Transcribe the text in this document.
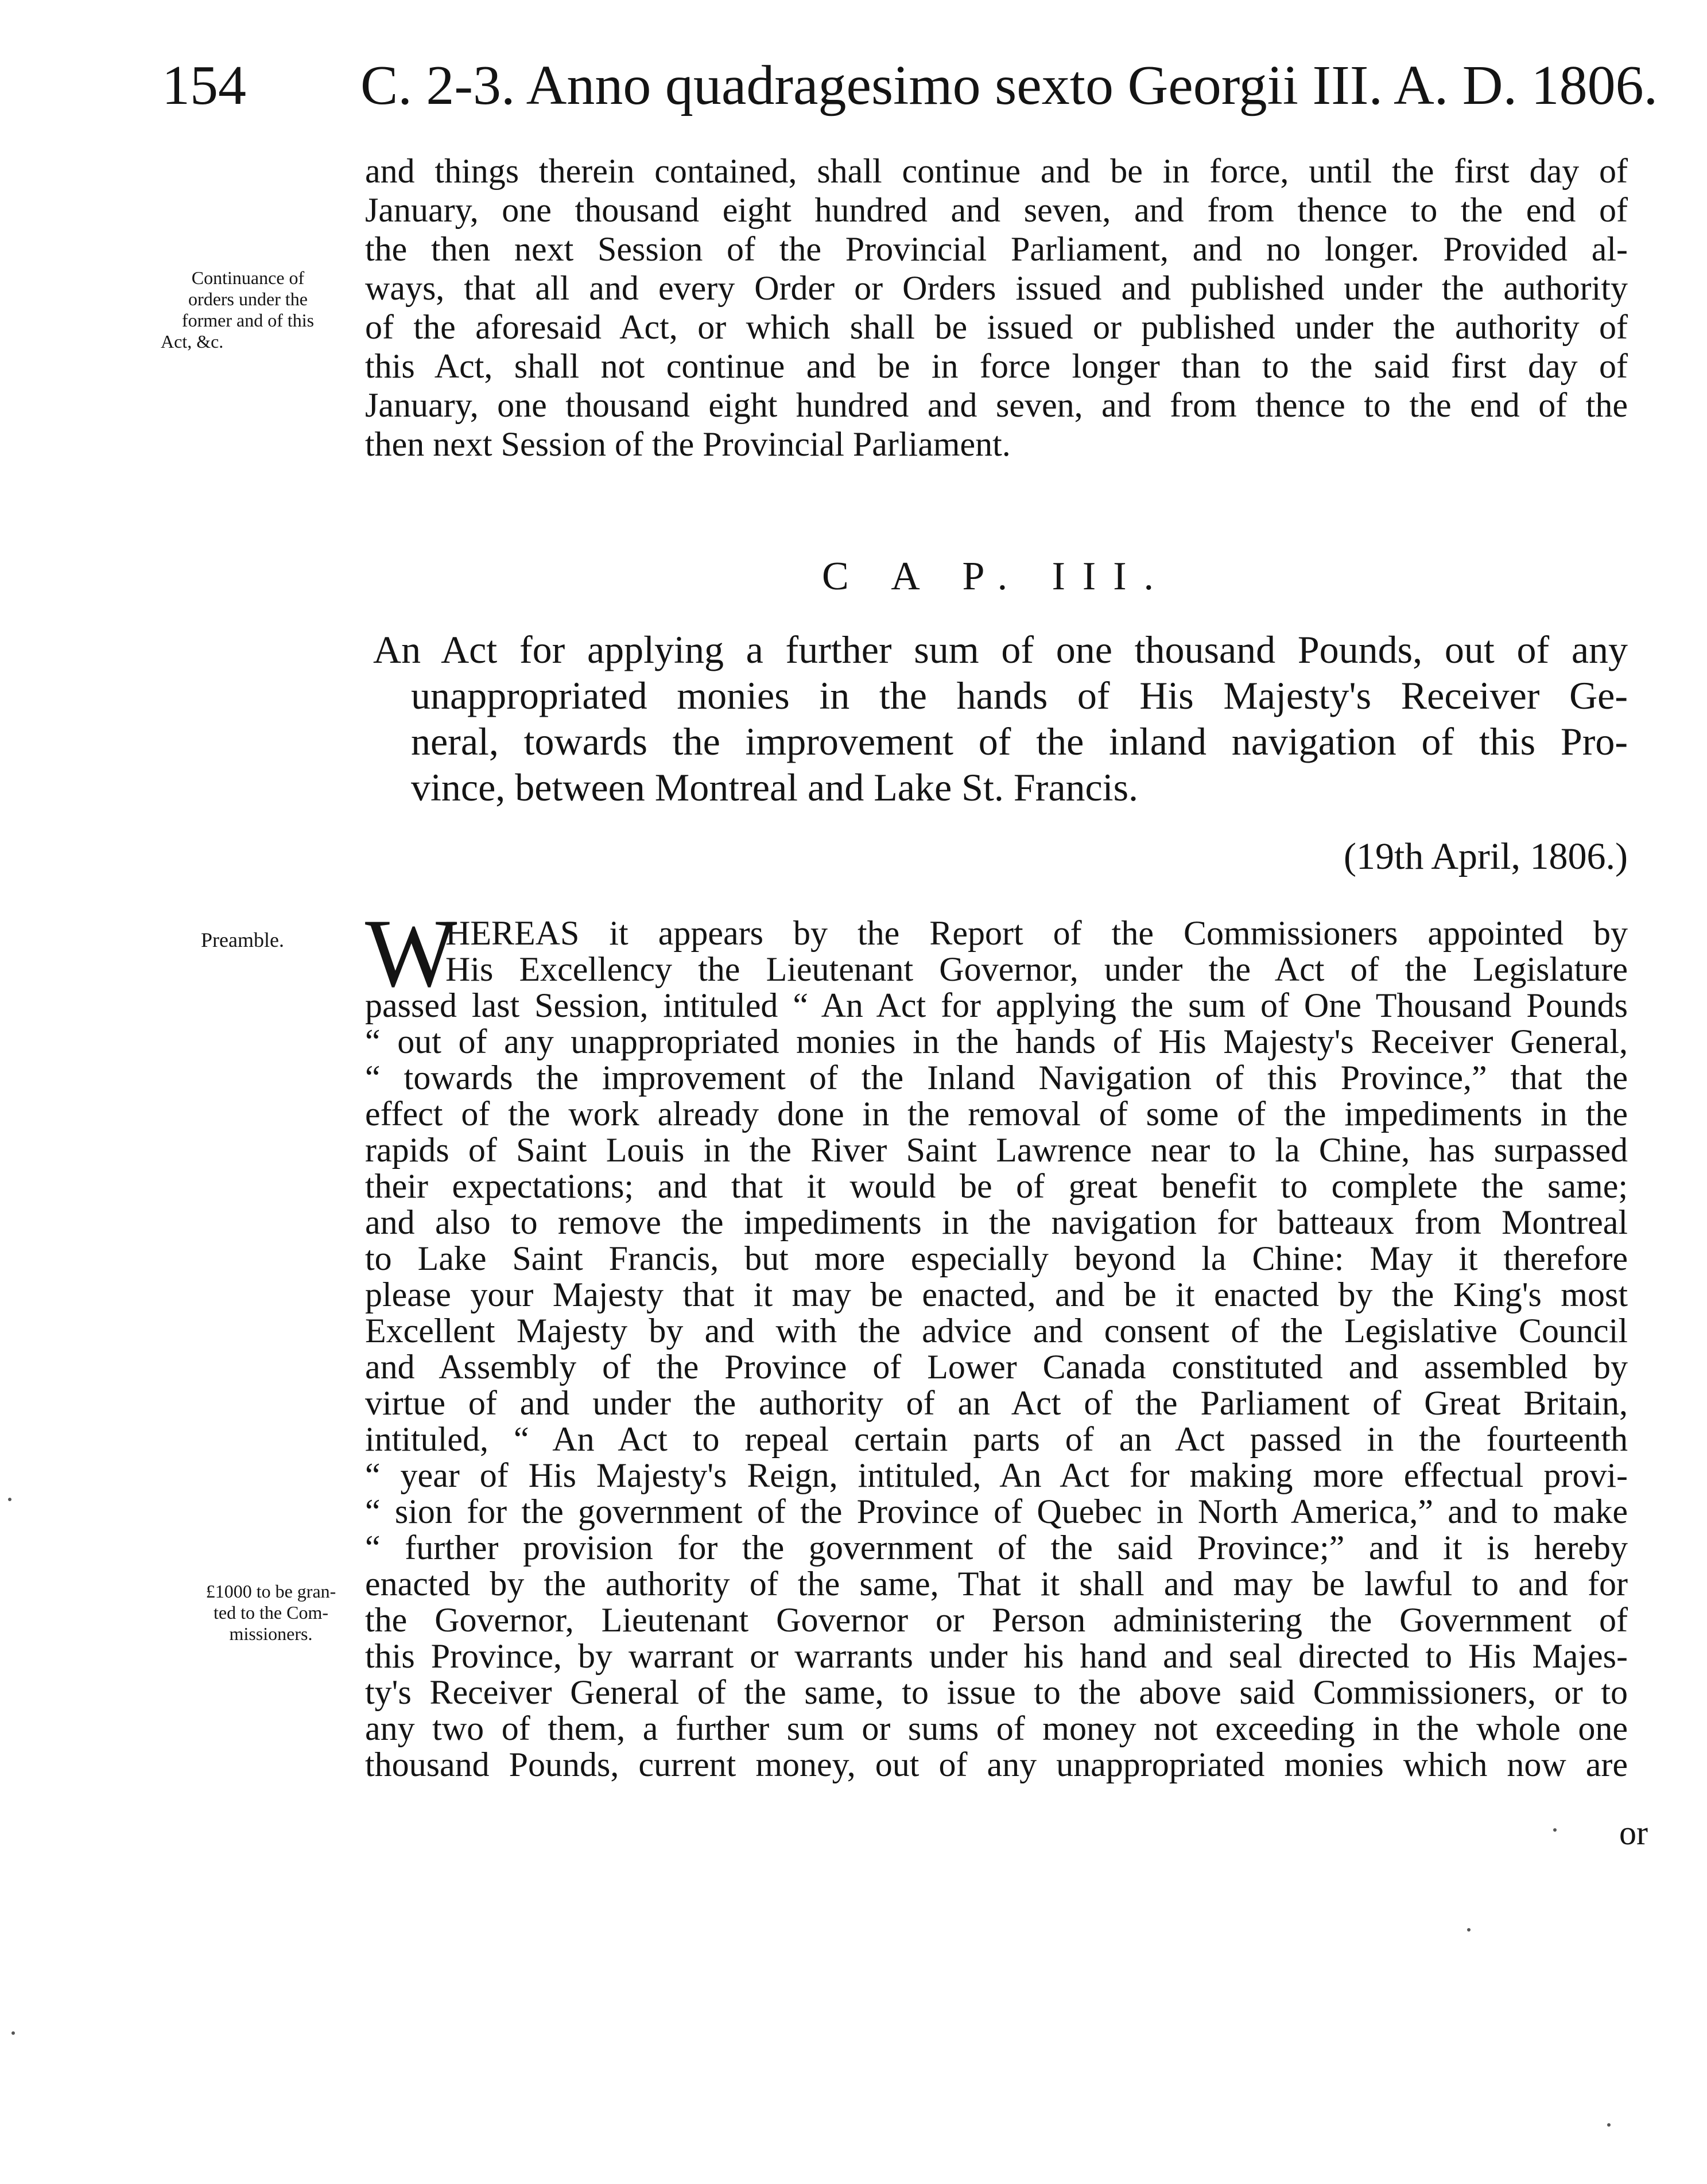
154 C. 2-3. Anno quadragesimo sexto Georgii III. A. D. 1806.
Continuance of
orders under the
former and of this
Act, &c.
and things therein contained, shall continue and be in force, until the first day of
January, one thousand eight hundred and seven, and from thence to the end of
the then next Session of the Provincial Parliament, and no longer. Provided al-
ways, that all and every Order or Orders issued and published under the authority
of the aforesaid Act, or which shall be issued or published under the authority of
this Act, shall not continue and be in force longer than to the said first day of
January, one thousand eight hundred and seven, and from thence to the end of the
then next Session of the Provincial Parliament.
C A P. III.
An Act for applying a further sum of one thousand Pounds, out of any
unappropriated monies in the hands of His Majesty's Receiver Ge-
neral, towards the improvement of the inland navigation of this Pro-
vince, between Montreal and Lake St. Francis.
(19th April, 1806.)
Preamble.
£1000 to be gran-
ted to the Com-
missioners.
W
HEREAS it appears by the Report of the Commissioners appointed by
His Excellency the Lieutenant Governor, under the Act of the Legislature
passed last Session, intituled “ An Act for applying the sum of One Thousand Pounds
“ out of any unappropriated monies in the hands of His Majesty's Receiver General,
“ towards the improvement of the Inland Navigation of this Province,” that the
effect of the work already done in the removal of some of the impediments in the
rapids of Saint Louis in the River Saint Lawrence near to la Chine, has surpassed
their expectations; and that it would be of great benefit to complete the same;
and also to remove the impediments in the navigation for batteaux from Montreal
to Lake Saint Francis, but more especially beyond la Chine: May it therefore
please your Majesty that it may be enacted, and be it enacted by the King's most
Excellent Majesty by and with the advice and consent of the Legislative Council
and Assembly of the Province of Lower Canada constituted and assembled by
virtue of and under the authority of an Act of the Parliament of Great Britain,
intituled, “ An Act to repeal certain parts of an Act passed in the fourteenth
“ year of His Majesty's Reign, intituled, An Act for making more effectual provi-
“ sion for the government of the Province of Quebec in North America,” and to make
“ further provision for the government of the said Province;” and it is hereby
enacted by the authority of the same, That it shall and may be lawful to and for
the Governor, Lieutenant Governor or Person administering the Government of
this Province, by warrant or warrants under his hand and seal directed to His Majes-
ty's Receiver General of the same, to issue to the above said Commissioners, or to
any two of them, a further sum or sums of money not exceeding in the whole one
thousand Pounds, current money, out of any unappropriated monies which now are
or
